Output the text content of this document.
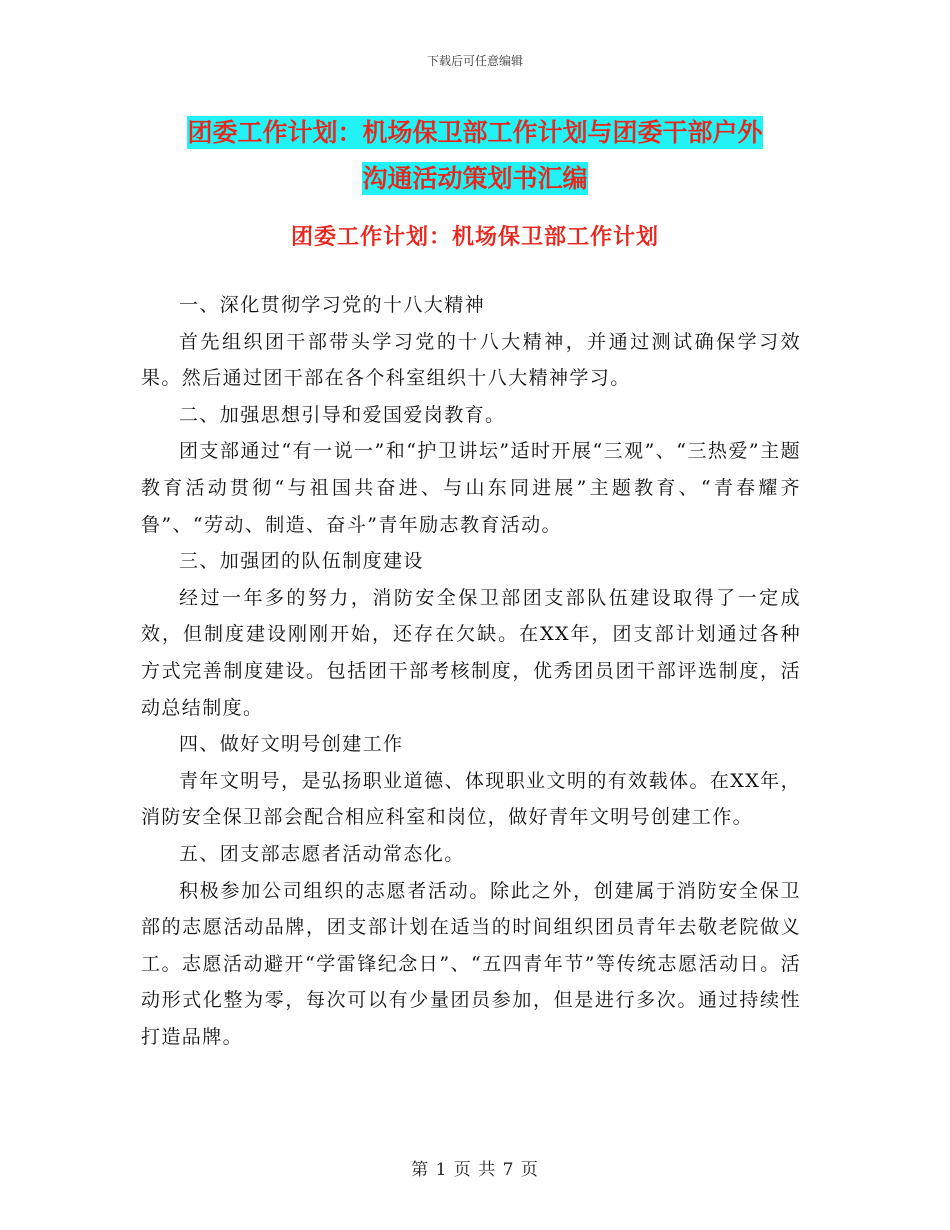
下载后可任意编辑
团委工作计划：机场保卫部工作计划与团委干部户外
沟通活动策划书汇编
团委工作计划：机场保卫部工作计划

一、深化贯彻学习党的十八大精神

首先组织团干部带头学习党的十八大精神，并通过测试确保学习效果。然后通过团干部在各个科室组织十八大精神学习。

二、加强思想引导和爱国爱岗教育。

团支部通过“有一说一”和“护卫讲坛”适时开展“三观”、“三热爱”主题教育活动贯彻“与祖国共奋进、与山东同进展”主题教育、“青春耀齐鲁”、“劳动、制造、奋斗”青年励志教育活动。

三、加强团的队伍制度建设

经过一年多的努力，消防安全保卫部团支部队伍建设取得了一定成效，但制度建设刚刚开始，还存在欠缺。在XX年，团支部计划通过各种方式完善制度建设。包括团干部考核制度，优秀团员团干部评选制度，活动总结制度。

四、做好文明号创建工作

青年文明号，是弘扬职业道德、体现职业文明的有效载体。在XX年，消防安全保卫部会配合相应科室和岗位，做好青年文明号创建工作。

五、团支部志愿者活动常态化。

积极参加公司组织的志愿者活动。除此之外，创建属于消防安全保卫部的志愿活动品牌，团支部计划在适当的时间组织团员青年去敬老院做义工。志愿活动避开“学雷锋纪念日”、“五四青年节”等传统志愿活动日。活动形式化整为零，每次可以有少量团员参加，但是进行多次。通过持续性打造品牌。

第 1 页 共 7 页
